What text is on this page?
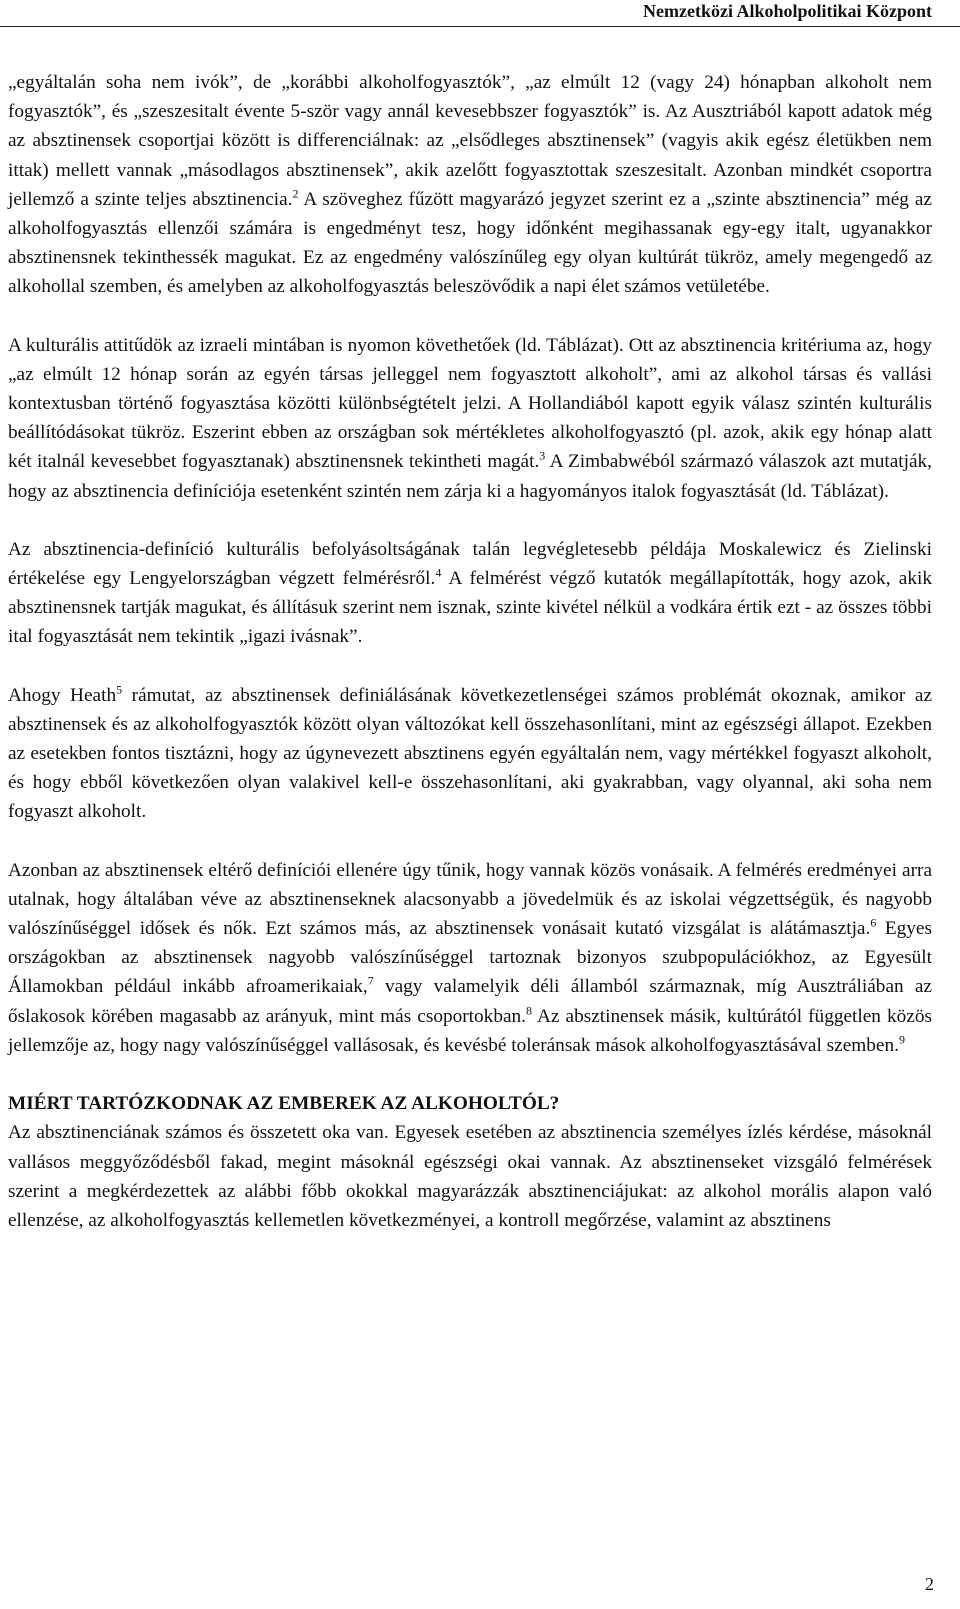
Nemzetközi Alkoholpolitikai Központ

„egyáltalán soha nem ivók”, de „korábbi alkoholfogyasztók”, „az elmúlt 12 (vagy 24) hónapban alkoholt nem fogyasztók”, és „szeszesitalt évente 5-ször vagy annál kevesebbszer fogyasztók” is. Az Ausztriából kapott adatok még az absztinensek csoportjai között is differenciálnak: az „elsődleges absztinensek” (vagyis akik egész életükben nem ittak) mellett vannak „másodlagos absztinensek”, akik azelőtt fogyasztottak szeszesitalt. Azonban mindkét csoportra jellemző a szinte teljes absztinencia.$^2$ A szöveghez fűzött magyarázó jegyzet szerint ez a „szinte absztinencia” még az alkoholfogyasztás ellenzői számára is engedményt tesz, hogy időnként megihassanak egy-egy italt, ugyanakkor absztinensnek tekinthessék magukat. Ez az engedmény valószínűleg egy olyan kultúrát tükröz, amely megengedő az alkohollal szemben, és amelyben az alkoholfogyasztás beleszövődik a napi élet számos vetületébe.

A kulturális attitűdök az izraeli mintában is nyomon követhetőek (ld. Táblázat). Ott az absztinencia kritériuma az, hogy „az elmúlt 12 hónap során az egyén társas jelleggel nem fogyasztott alkoholt”, ami az alkohol társas és vallási kontextusban történő fogyasztása közötti különbségtételt jelzi. A Hollandiából kapott egyik válasz szintén kulturális beállítódásokat tükröz. Eszerint ebben az országban sok mértékletes alkoholfogyasztó (pl. azok, akik egy hónap alatt két italnál kevesebbet fogyasztanak) absztinensnek tekintheti magát.$^3$ A Zimbabwéból származó válaszok azt mutatják, hogy az absztinencia definíciója esetenként szintén nem zárja ki a hagyományos italok fogyasztását (ld. Táblázat).

Az absztinencia-definíció kulturális befolyásoltságának talán legvégletesebb példája Moskalewicz és Zielinski értékelése egy Lengyelországban végzett felmérésről.$^4$ A felmérést végző kutatók megállapították, hogy azok, akik absztinensnek tartják magukat, és állításuk szerint nem isznak, szinte kivétel nélkül a vodkára értik ezt - az összes többi ital fogyasztását nem tekintik „igazi ivásnak”.

Ahogy Heath$^5$ rámutat, az absztinensek definiálásának következetlenségei számos problémát okoznak, amikor az absztinensek és az alkoholfogyasztók között olyan változókat kell összehasonlítani, mint az egészségi állapot. Ezekben az esetekben fontos tisztázni, hogy az úgynevezett absztinens egyén egyáltalán nem, vagy mértékkel fogyaszt alkoholt, és hogy ebből következően olyan valakivel kell-e összehasonlítani, aki gyakrabban, vagy olyannal, aki soha nem fogyaszt alkoholt.

Azonban az absztinensek eltérő definíciói ellenére úgy tűnik, hogy vannak közös vonásaik. A felmérés eredményei arra utalnak, hogy általában véve az absztinenseknek alacsonyabb a jövedelmük és az iskolai végzettségük, és nagyobb valószínűséggel idősek és nők. Ezt számos más, az absztinensek vonásait kutató vizsgálat is alátámasztja.$^6$ Egyes országokban az absztinensek nagyobb valószínűséggel tartoznak bizonyos szubpopulációkhoz, az Egyesült Államokban például inkább afroamerikaiak,$^7$ vagy valamelyik déli államból származnak, míg Ausztráliában az őslakosok körében magasabb az arányuk, mint más csoportokban.$^8$ Az absztinensek másik, kultúrától független közös jellemzője az, hogy nagy valószínűséggel vallásosak, és kevésbé toleránsak mások alkoholfogyasztásával szemben.$^9$

MIÉRT TARTÓZKODNAK AZ EMBEREK AZ ALKOHOLTÓL?

Az absztinenciának számos és összetett oka van. Egyesek esetében az absztinencia személyes ízlés kérdése, másoknál vallásos meggyőződésből fakad, megint másoknál egészségi okai vannak. Az absztinenseket vizsgáló felmérések szerint a megkérdezettek az alábbi főbb okokkal magyarázzák absztinenciájukat: az alkohol morális alapon való ellenzése, az alkoholfogyasztás kellemetlen következményei, a kontroll megőrzése, valamint az absztinens

2
